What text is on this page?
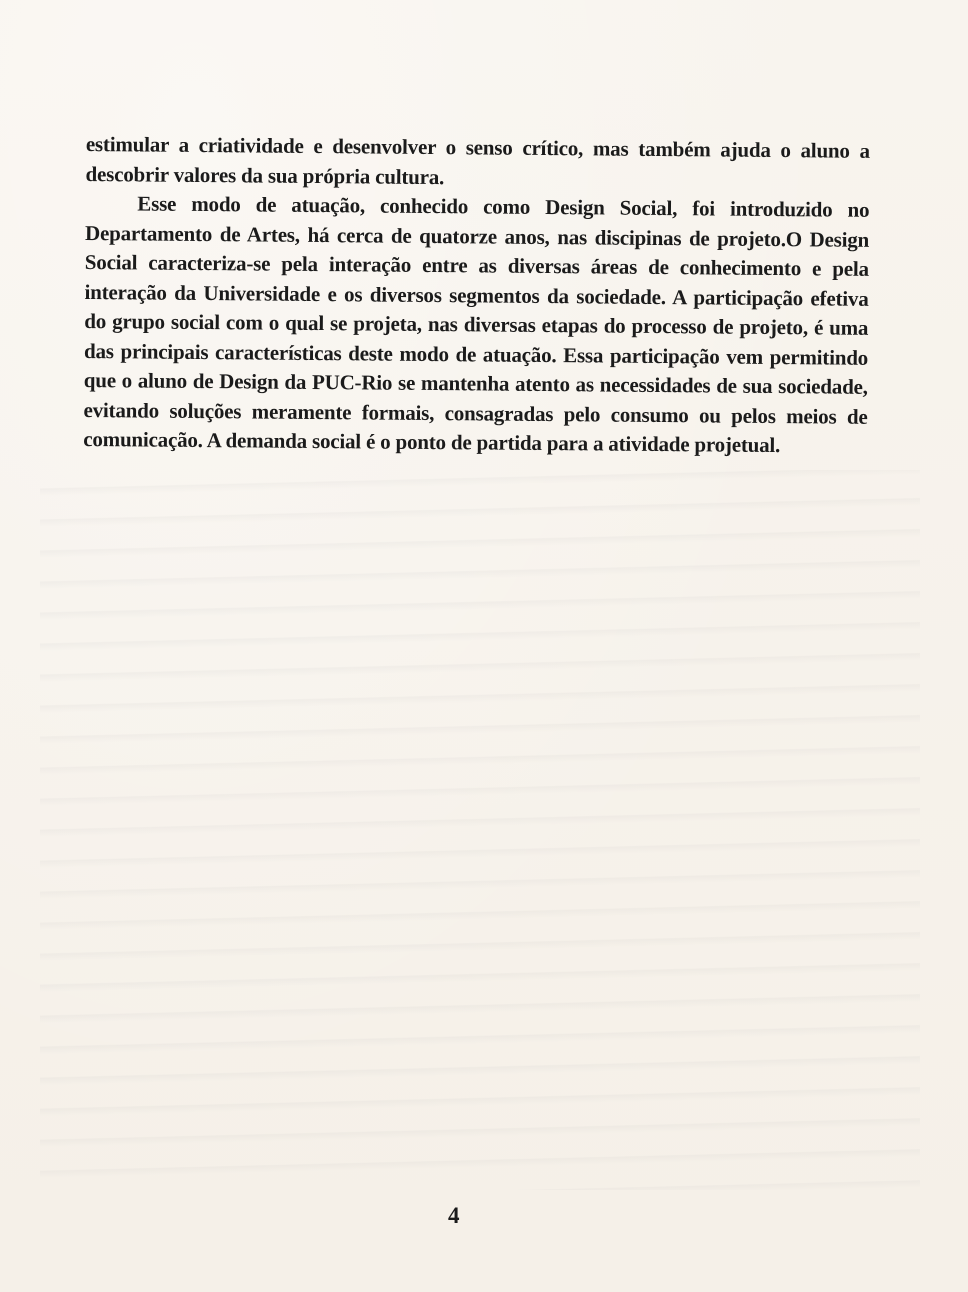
estimular a criatividade e desenvolver o senso crítico, mas também ajuda o aluno a descobrir valores da sua própria cultura.

Esse modo de atuação, conhecido como Design Social, foi introduzido no Departamento de Artes, há cerca de quatorze anos, nas discipinas de projeto.O Design Social caracteriza-se pela interação entre as diversas áreas de conhecimento e pela interação da Universidade e os diversos segmentos da sociedade. A participação efetiva do grupo social com o qual se projeta, nas diversas etapas do processo de projeto, é uma das principais características deste modo de atuação. Essa participação vem permitindo que o aluno de Design da PUC-Rio se mantenha atento as necessidades de sua sociedade, evitando soluções meramente formais, consagradas pelo consumo ou pelos meios de comunicação. A demanda social é o ponto de partida para a atividade projetual.

4
